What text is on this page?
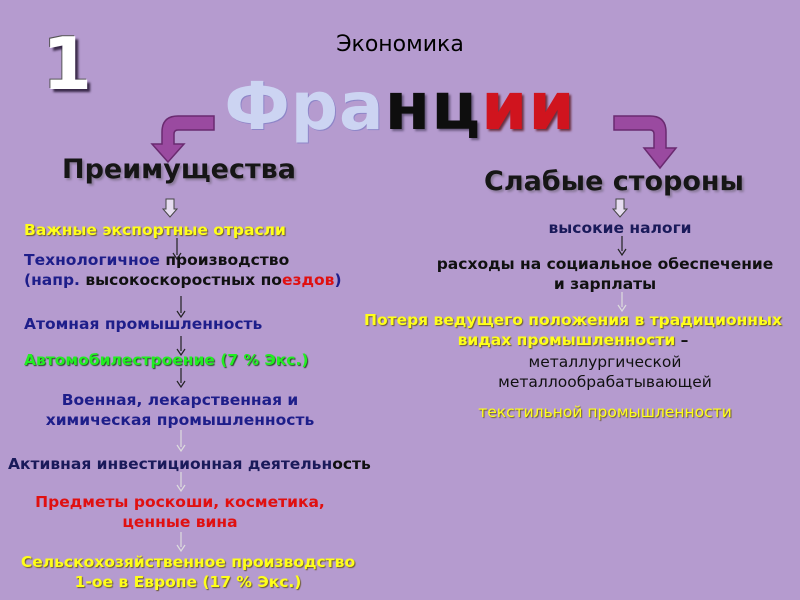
1	Экономика
Франции
Преимущества	Слабые стороны
Важные экспортные отрасли
Технологичное производство
(напр. высокоскоростных поездов)
Атомная промышленность
Автомобилестроение (7 % Экс.)
Военная, лекарственная и
химическая промышленность
Активная инвестиционная деятельность
Предметы роскоши, косметика,
ценные вина
Сельскохозяйственное производство
1-ое в Европе (17 % Экс.)
высокие налоги
расходы на социальное обеспечение
и зарплаты
Потеря ведущего положения в традиционных
видах промышленности –
металлургической
металлообрабатывающей
текстильной промышленности
